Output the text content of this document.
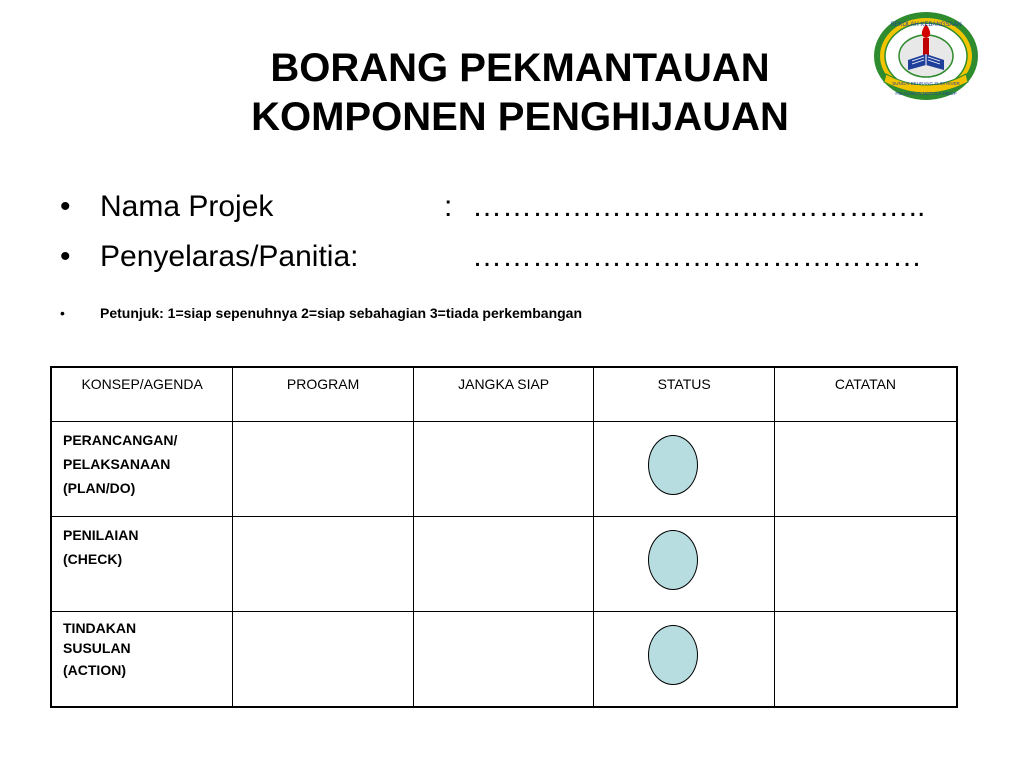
BORANG PEKMANTAUAN
KOMPONEN PENGHIJAUAN
SEKOLAH KEBANGSAAN
SUNGAI BEHRANG SLIM RIVER
PELAJARAN NERACA HIDUP
• Nama Projek	: ………………………..……………..
• Penyelaras/Panitia:	………………………………………
•	Petunjuk: 1=siap sepenuhnya 2=siap sebahagian 3=tiada perkembangan
KONSEP/AGENDA	PROGRAM	JANGKA SIAP	STATUS	CATATAN

PERANCANGAN/
PELAKSANAAN
(PLAN/DO)				

PENILAIAN
(CHECK)				

TINDAKAN SUSULAN
(ACTION)				
